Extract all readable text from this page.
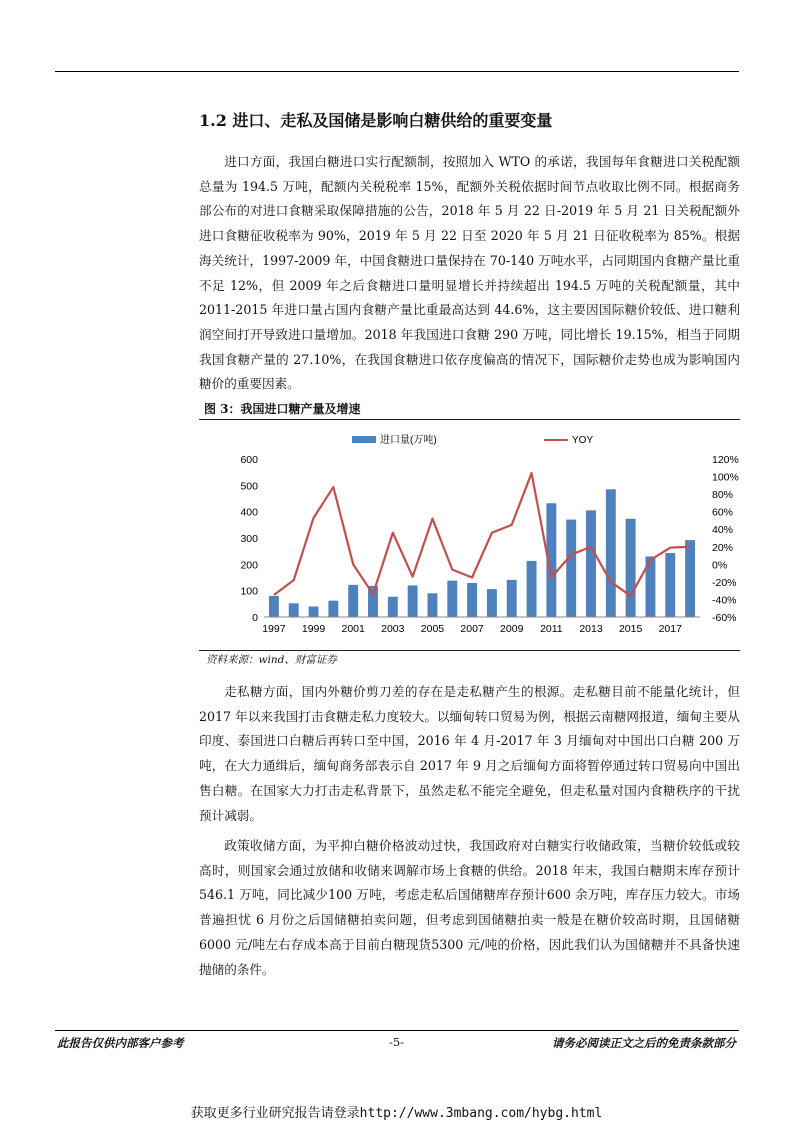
1.2 进口、走私及国储是影响白糖供给的重要变量

进口方面，我国白糖进口实行配额制，按照加入 WTO 的承诺，我国每年食糖进口关税配额总量为 194.5 万吨，配额内关税税率 15%，配额外关税依据时间节点收取比例不同。根据商务部公布的对进口食糖采取保障措施的公告，2018 年 5 月 22 日-2019 年 5 月 21 日关税配额外进口食糖征收税率为 90%，2019 年 5 月 22 日至 2020 年 5 月 21 日征收税率为 85%。根据海关统计，1997-2009 年，中国食糖进口量保持在 70-140 万吨水平，占同期国内食糖产量比重不足 12%，但 2009 年之后食糖进口量明显增长并持续超出 194.5 万吨的关税配额量，其中 2011-2015 年进口量占国内食糖产量比重最高达到 44.6%，这主要因国际糖价较低、进口糖利润空间打开导致进口量增加。2018 年我国进口食糖 290 万吨，同比增长 19.15%，相当于同期我国食糖产量的 27.10%，在我国食糖进口依存度偏高的情况下，国际糖价走势也成为影响国内糖价的重要因素。

图 3：我国进口糖产量及增速

0
100
200
300
400
500
600
-60%
-40%
-20%
0%
20%
40%
60%
80%
100%
120%
1997 1999 2001 2003 2005 2007 2009 2011 2013 2015 2017
进口量(万吨)	YOY

资料来源：wind、财富证券

走私糖方面，国内外糖价剪刀差的存在是走私糖产生的根源。走私糖目前不能量化统计，但 2017 年以来我国打击食糖走私力度较大。以缅甸转口贸易为例，根据云南糖网报道，缅甸主要从印度、泰国进口白糖后再转口至中国，2016 年 4 月-2017 年 3 月缅甸对中国出口白糖 200 万吨，在大力通缉后，缅甸商务部表示自 2017 年 9 月之后缅甸方面将暂停通过转口贸易向中国出售白糖。在国家大力打击走私背景下，虽然走私不能完全避免，但走私量对国内食糖秩序的干扰预计减弱。

政策收储方面，为平抑白糖价格波动过快，我国政府对白糖实行收储政策，当糖价较低或较高时，则国家会通过放储和收储来调解市场上食糖的供给。2018 年末，我国白糖期末库存预计546.1 万吨，同比减少100 万吨，考虑走私后国储糖库存预计600 余万吨，库存压力较大。市场普遍担忧 6 月份之后国储糖拍卖问题，但考虑到国储糖拍卖一般是在糖价较高时期，且国储糖6000 元/吨左右存成本高于目前白糖现货5300 元/吨的价格，因此我们认为国储糖并不具备快速抛储的条件。

-5-

此报告仅供内部客户参考	请务必阅读正文之后的免责条款部分

获取更多行业研究报告请登录http://www.3mbang.com/hybg.html
